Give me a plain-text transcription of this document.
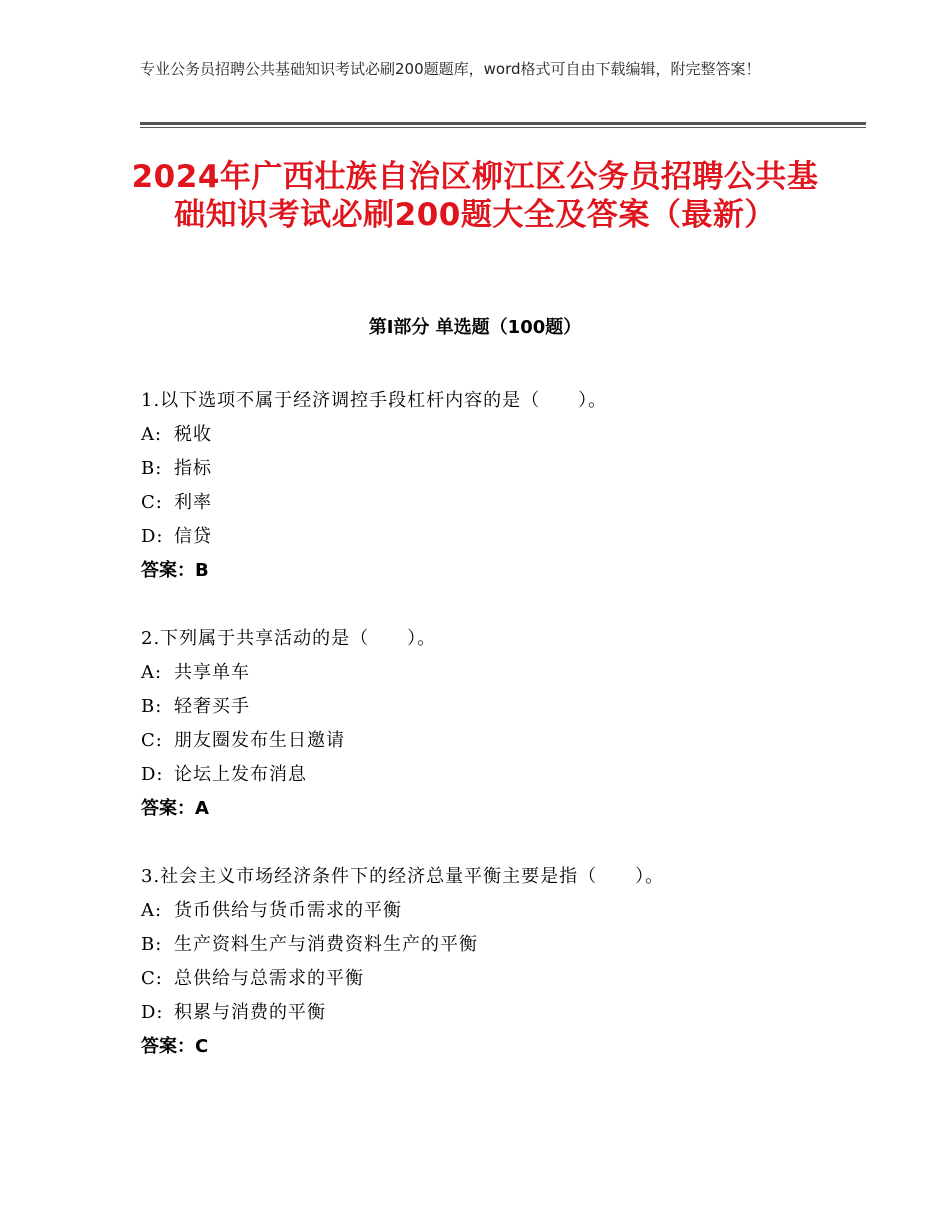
专业公务员招聘公共基础知识考试必刷200题题库，word格式可自由下载编辑，附完整答案！
2024年广西壮族自治区柳江区公务员招聘公共基础知识考试必刷200题大全及答案（最新）
第Ⅰ部分 单选题（100题）
1.以下选项不属于经济调控手段杠杆内容的是（　　）。
A: 税收
B: 指标
C: 利率
D: 信贷
答案：B
2.下列属于共享活动的是（　　）。
A: 共享单车
B: 轻奢买手
C: 朋友圈发布生日邀请
D: 论坛上发布消息
答案：A
3.社会主义市场经济条件下的经济总量平衡主要是指（　　）。
A: 货币供给与货币需求的平衡
B: 生产资料生产与消费资料生产的平衡
C: 总供给与总需求的平衡
D: 积累与消费的平衡
答案：C
